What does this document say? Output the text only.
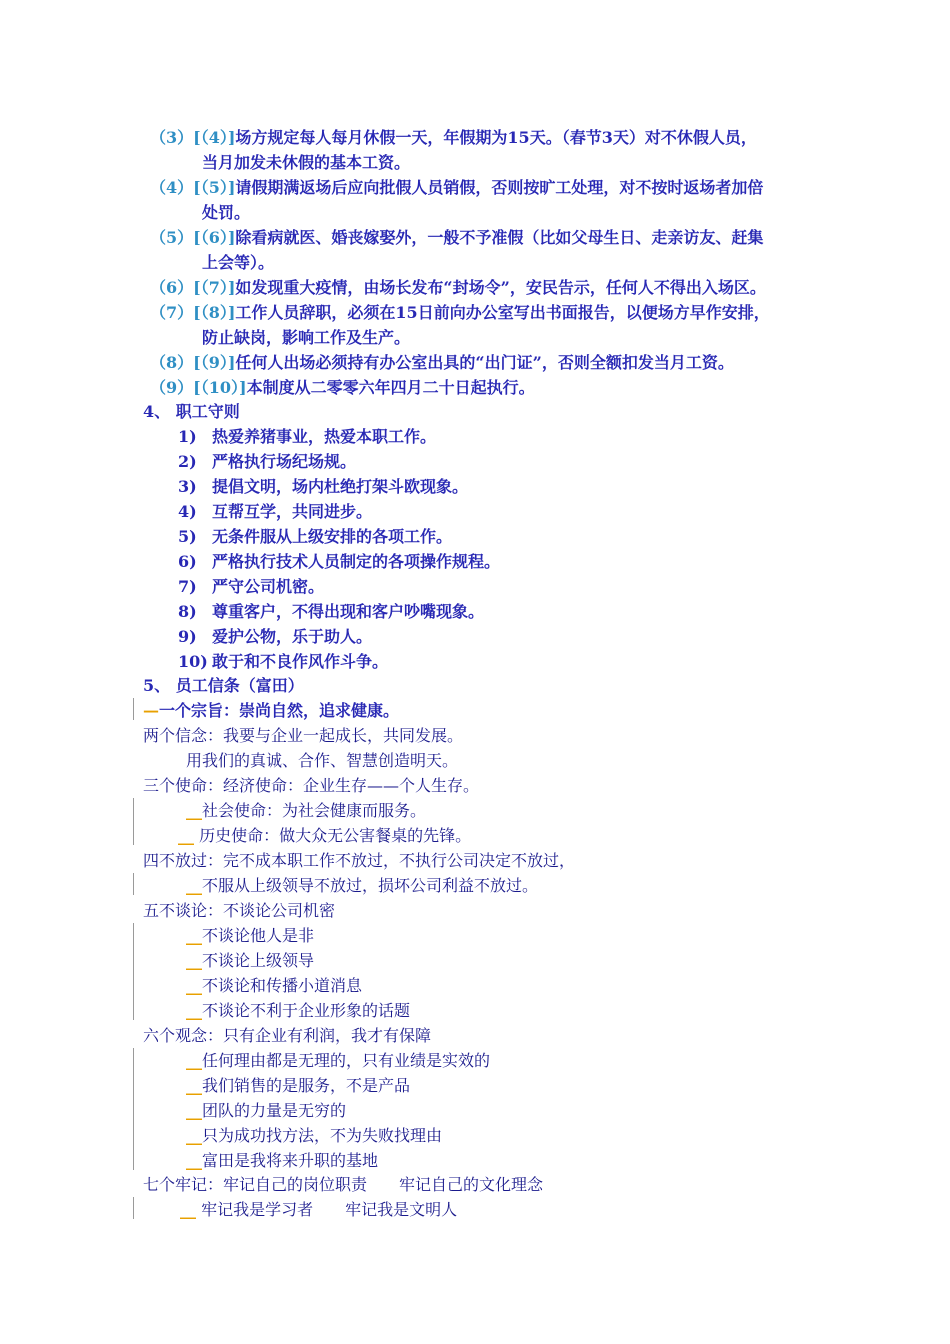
（3）[（4）]场方规定每人每月休假一天，年假期为15天。（春节3天）对不休假人员，
当月加发未休假的基本工资。
（4）[（5）]请假期满返场后应向批假人员销假，否则按旷工处理，对不按时返场者加倍
处罚。
（5）[（6）]除看病就医、婚丧嫁娶外，一般不予准假（比如父母生日、走亲访友、赶集
上会等）。
（6）[（7）]如发现重大疫情，由场长发布“封场令”，安民告示，任何人不得出入场区。
（7）[（8）]工作人员辞职，必须在15日前向办公室写出书面报告，以便场方早作安排，
防止缺岗，影响工作及生产。
（8）[（9）]任何人出场必须持有办公室出具的“出门证”，否则全额扣发当月工资。
（9）[（10）]本制度从二零零六年四月二十日起执行。
4、 职工守则
1) 热爱养猪事业，热爱本职工作。
2) 严格执行场纪场规。
3) 提倡文明，场内杜绝打架斗欧现象。
4) 互帮互学，共同进步。
5) 无条件服从上级安排的各项工作。
6) 严格执行技术人员制定的各项操作规程。
7) 严守公司机密。
8) 尊重客户，不得出现和客户吵嘴现象。
9) 爱护公物，乐于助人。
10) 敢于和不良作风作斗争。
5、 员工信条（富田）
—一个宗旨：崇尚自然，追求健康。
两个信念：我要与企业一起成长，共同发展。
用我们的真诚、合作、智慧创造明天。
三个使命：经济使命：企业生存——个人生存。
__社会使命：为社会健康而服务。
__ 历史使命：做大众无公害餐桌的先锋。
四不放过：完不成本职工作不放过，不执行公司决定不放过，
__不服从上级领导不放过，损坏公司利益不放过。
五不谈论：不谈论公司机密
__不谈论他人是非
__不谈论上级领导
__不谈论和传播小道消息
__不谈论不利于企业形象的话题
六个观念：只有企业有利润，我才有保障
__任何理由都是无理的，只有业绩是实效的
__我们销售的是服务，不是产品
__团队的力量是无穷的
__只为成功找方法，不为失败找理由
__富田是我将来升职的基地
七个牢记：牢记自己的岗位职责　　牢记自己的文化理念
__ 牢记我是学习者　　牢记我是文明人
